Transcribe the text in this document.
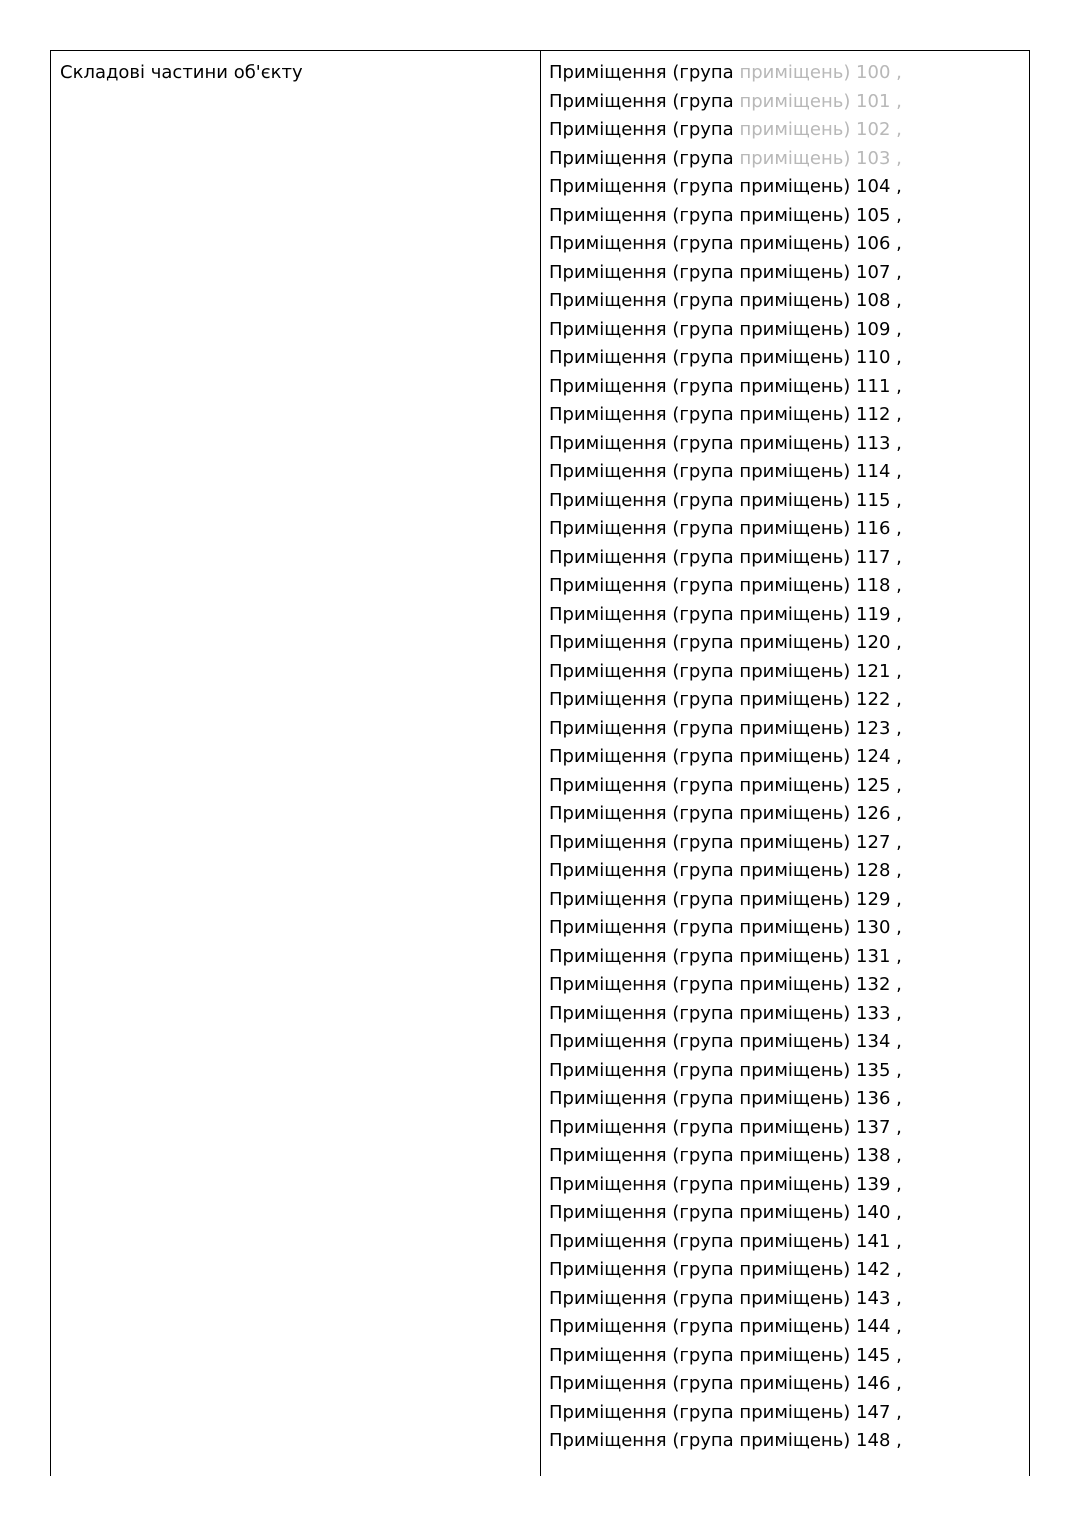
Складові частини об'єкту	Приміщення (група приміщень) 100 ,
Приміщення (група приміщень) 101 ,
Приміщення (група приміщень) 102 ,
Приміщення (група приміщень) 103 ,
Приміщення (група приміщень) 104 ,
Приміщення (група приміщень) 105 ,
Приміщення (група приміщень) 106 ,
Приміщення (група приміщень) 107 ,
Приміщення (група приміщень) 108 ,
Приміщення (група приміщень) 109 ,
Приміщення (група приміщень) 110 ,
Приміщення (група приміщень) 111 ,
Приміщення (група приміщень) 112 ,
Приміщення (група приміщень) 113 ,
Приміщення (група приміщень) 114 ,
Приміщення (група приміщень) 115 ,
Приміщення (група приміщень) 116 ,
Приміщення (група приміщень) 117 ,
Приміщення (група приміщень) 118 ,
Приміщення (група приміщень) 119 ,
Приміщення (група приміщень) 120 ,
Приміщення (група приміщень) 121 ,
Приміщення (група приміщень) 122 ,
Приміщення (група приміщень) 123 ,
Приміщення (група приміщень) 124 ,
Приміщення (група приміщень) 125 ,
Приміщення (група приміщень) 126 ,
Приміщення (група приміщень) 127 ,
Приміщення (група приміщень) 128 ,
Приміщення (група приміщень) 129 ,
Приміщення (група приміщень) 130 ,
Приміщення (група приміщень) 131 ,
Приміщення (група приміщень) 132 ,
Приміщення (група приміщень) 133 ,
Приміщення (група приміщень) 134 ,
Приміщення (група приміщень) 135 ,
Приміщення (група приміщень) 136 ,
Приміщення (група приміщень) 137 ,
Приміщення (група приміщень) 138 ,
Приміщення (група приміщень) 139 ,
Приміщення (група приміщень) 140 ,
Приміщення (група приміщень) 141 ,
Приміщення (група приміщень) 142 ,
Приміщення (група приміщень) 143 ,
Приміщення (група приміщень) 144 ,
Приміщення (група приміщень) 145 ,
Приміщення (група приміщень) 146 ,
Приміщення (група приміщень) 147 ,
Приміщення (група приміщень) 148 ,
